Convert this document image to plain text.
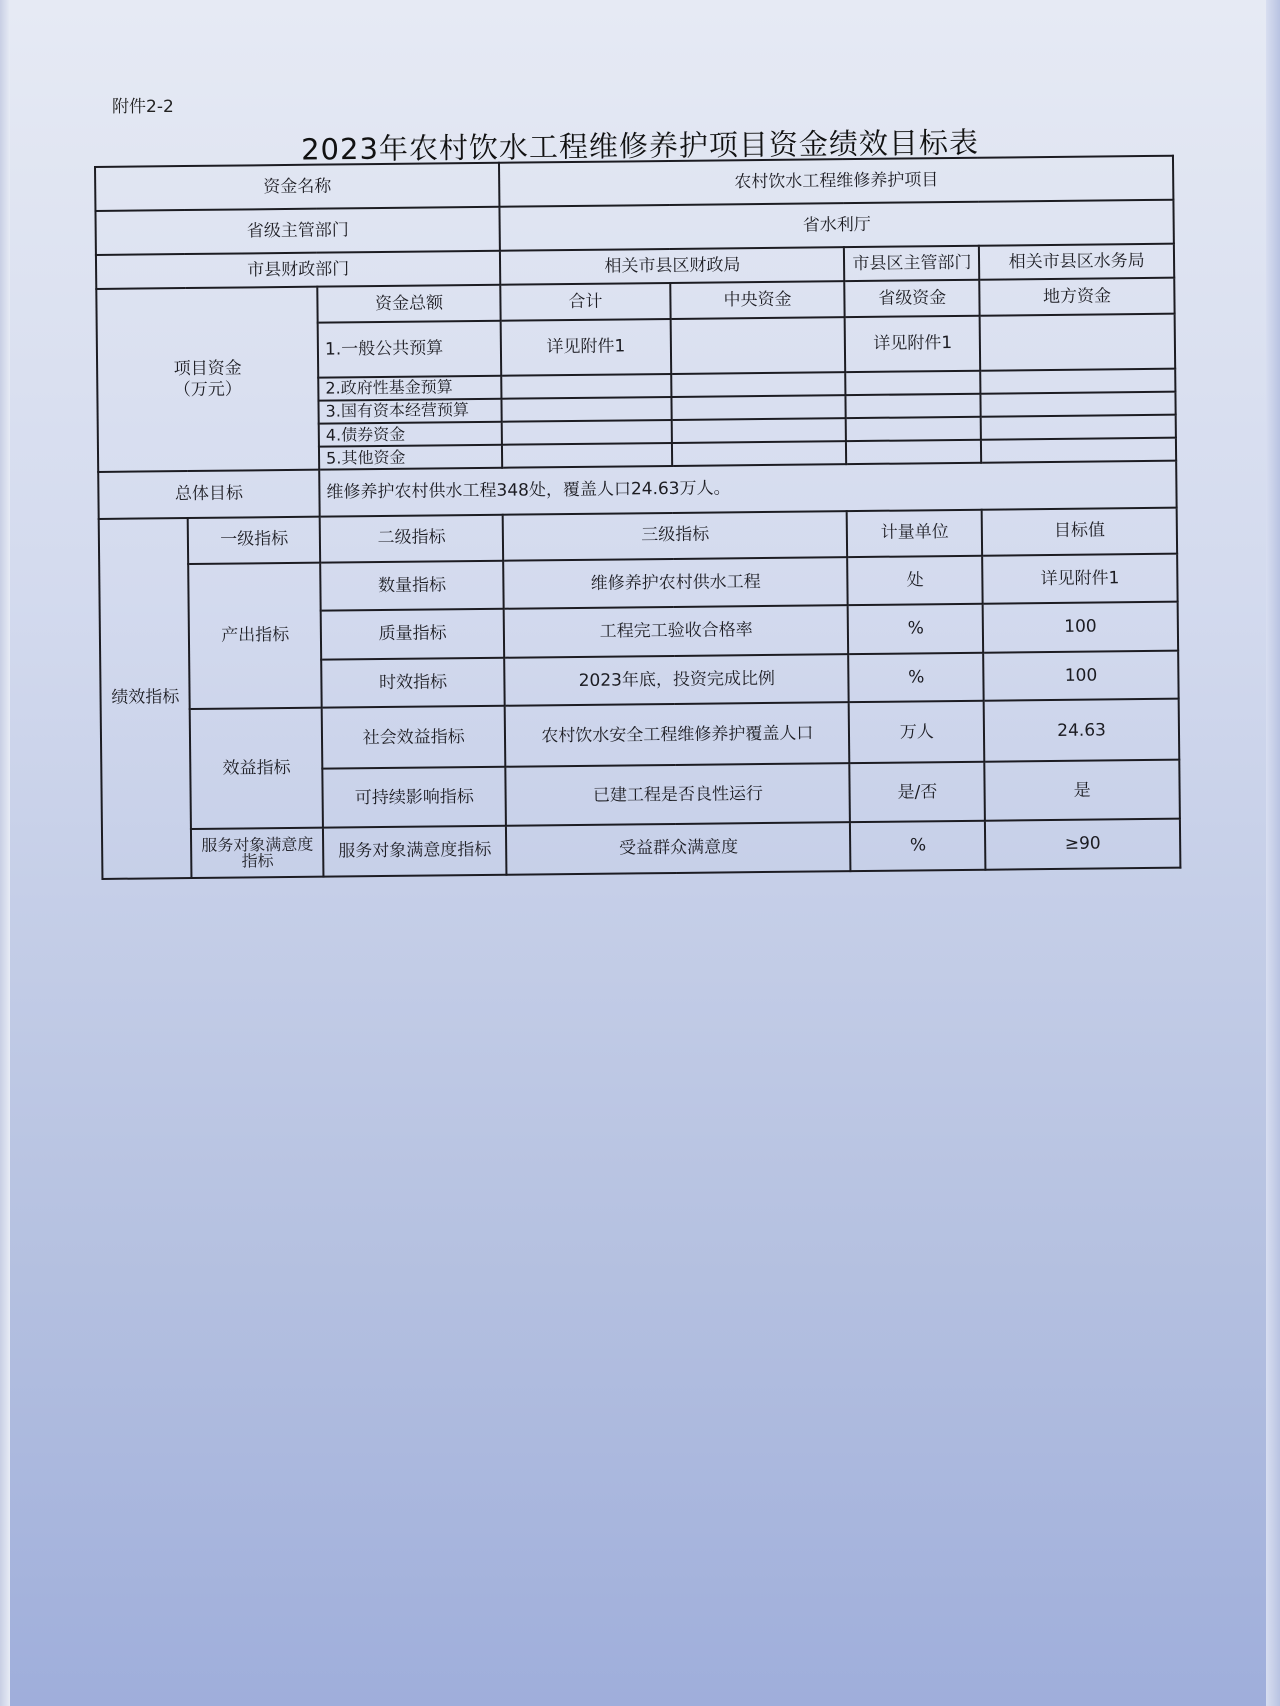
附件2-2
2023年农村饮水工程维修养护项目资金绩效目标表
资金名称			农村饮水工程维修养护项目			
省级主管部门			省水利厅			
市县财政部门			相关市县区财政局		市县区主管部门	相关市县区水务局

项目资金
（万元）		资金总额	合计	中央资金	省级资金	地方资金
		1.一般公共预算	详见附件1		详见附件1	
		2.政府性基金预算				
		3.国有资本经营预算				
		4.债券资金				
		5.其他资金				
总体目标		维修养护农村供水工程348处，覆盖人口24.63万人。				
绩效指标	一级指标	二级指标	三级指标		计量单位	目标值
	产出指标	数量指标	维修养护农村供水工程		处	详见附件1
		质量指标	工程完工验收合格率		%	100
		时效指标	2023年底，投资完成比例		%	100
	效益指标	社会效益指标	农村饮水安全工程维修养护覆盖人口		万人	24.63
		可持续影响指标	已建工程是否良性运行		是/否	是
	服务对象满意度指标	服务对象满意度指标	受益群众满意度		%	≥90
